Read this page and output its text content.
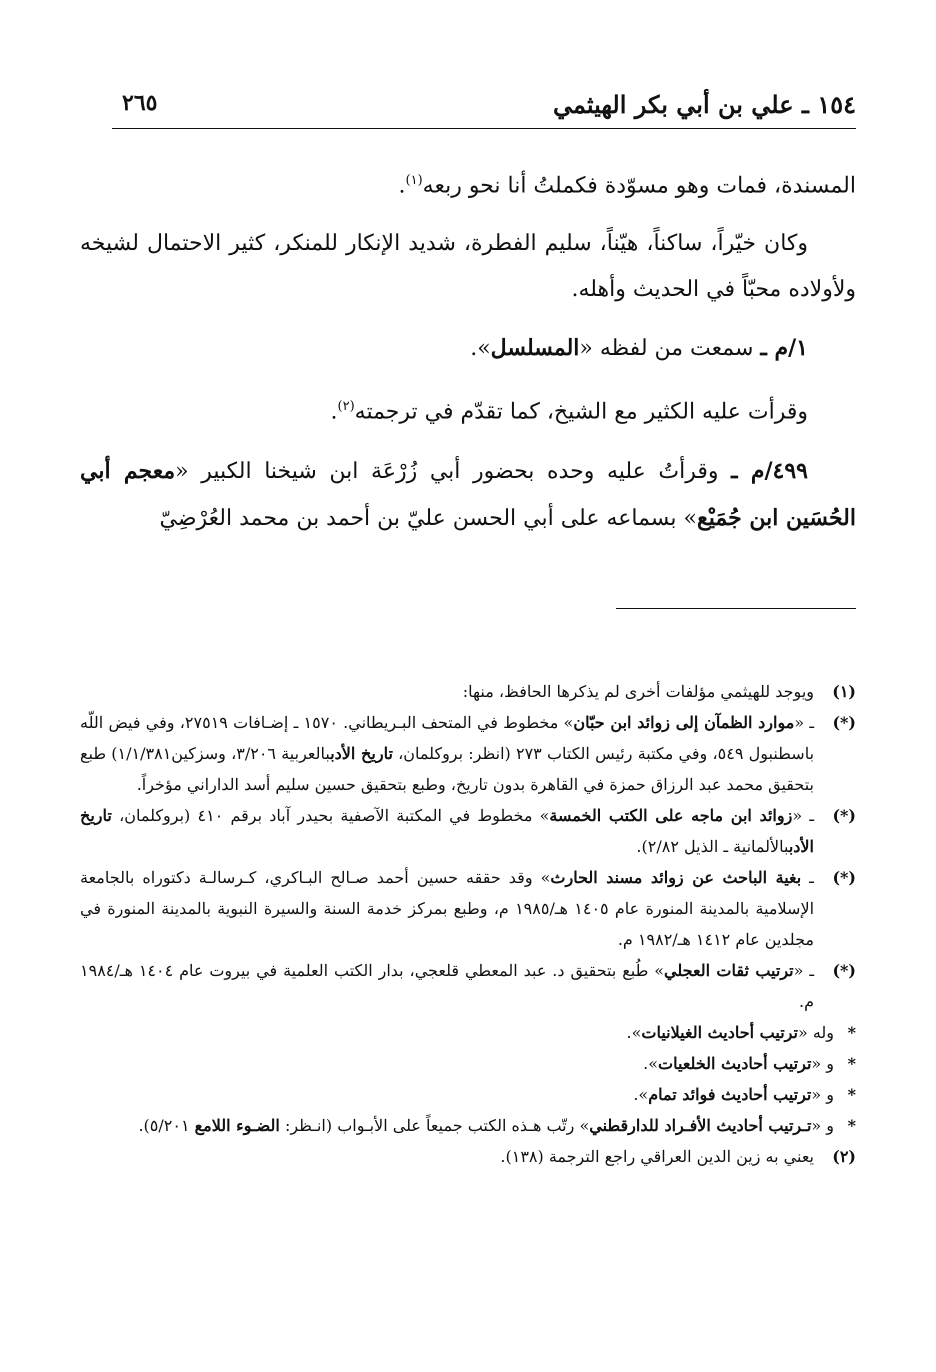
١٥٤ ـ علي بن أبي بكر الهيثمي
٢٦٥

المسندة، فمات وهو مسوّدة فكملتُ أنا نحو ربعه$^{(١)}$.

وكان خيّراً، ساكناً، هيّناً، سليم الفطرة، شديد الإنكار للمنكر، كثير الاحتمال لشيخه ولأولاده محبّاً في الحديث وأهله.

١/م ـ سمعت من لفظه «المسلسل».

وقرأت عليه الكثير مع الشيخ، كما تقدّم في ترجمته$^{(٢)}$.

٤٩٩/م ـ وقرأتُ عليه وحده بحضور أبي زُرْعَة ابن شيخنا الكبير «معجم أبي الحُسَين ابن جُمَيْع» بسماعه على أبي الحسن عليّ بن أحمد بن محمد العُرْضِيّ

(١)
ويوجد للهيثمي مؤلفات أخرى لم يذكرها الحافظ، منها:

(*)
ـ «موارد الظمآن إلى زوائد ابن حبّان» مخطوط في المتحف البـريطاني. ١٥٧٠ ـ إضـافات ٢٧٥١٩، وفي فيض اللّه باسطنبول ٥٤٩، وفي مكتبة رئيس الكتاب ٢٧٣ (انظر: بروكلمان، تاريخ الأدببالعربية ٣/٢٠٦، وسزكين١/١/٣٨١) طبع بتحقيق محمد عبد الرزاق حمزة في القاهرة بدون تاريخ، وطبع بتحقيق حسين سليم أسد الداراني مؤخراً.

(*)
ـ «زوائد ابن ماجه على الكتب الخمسة» مخطوط في المكتبة الآصفية بحيدر آباد برقم ٤١٠ (بروكلمان، تاريخ الأدببالألمانية ـ الذيل ٢/٨٢).

(*)
ـ بغية الباحث عن زوائد مسند الحارث» وقد حققه حسين أحمد صـالح البـاكري، كـرسالـة دكتوراه بالجامعة الإسلامية بالمدينة المنورة عام ١٤٠٥ هـ/١٩٨٥ م، وطبع بمركز خدمة السنة والسيرة النبوية بالمدينة المنورة في مجلدين عام ١٤١٢ هـ/١٩٨٢ م.

(*)
ـ «ترتيب ثقات العجلي» طُبع بتحقيق د. عبد المعطي قلعجي، بدار الكتب العلمية في بيروت عام ١٤٠٤ هـ/١٩٨٤ م.

*
وله «ترتيب أحاديث الغيلانيات».

*
و «ترتيب أحاديث الخلعيات».

*
و «ترتيب أحاديث فوائد تمام».

*
و «تـرتيب أحاديث الأفـراد للدارقطني» رتّب هـذه الكتب جميعاً على الأبـواب (انـظر: الضـوء اللامع ٥/٢٠١).

(٢)
يعني به زين الدين العراقي راجع الترجمة (١٣٨).
